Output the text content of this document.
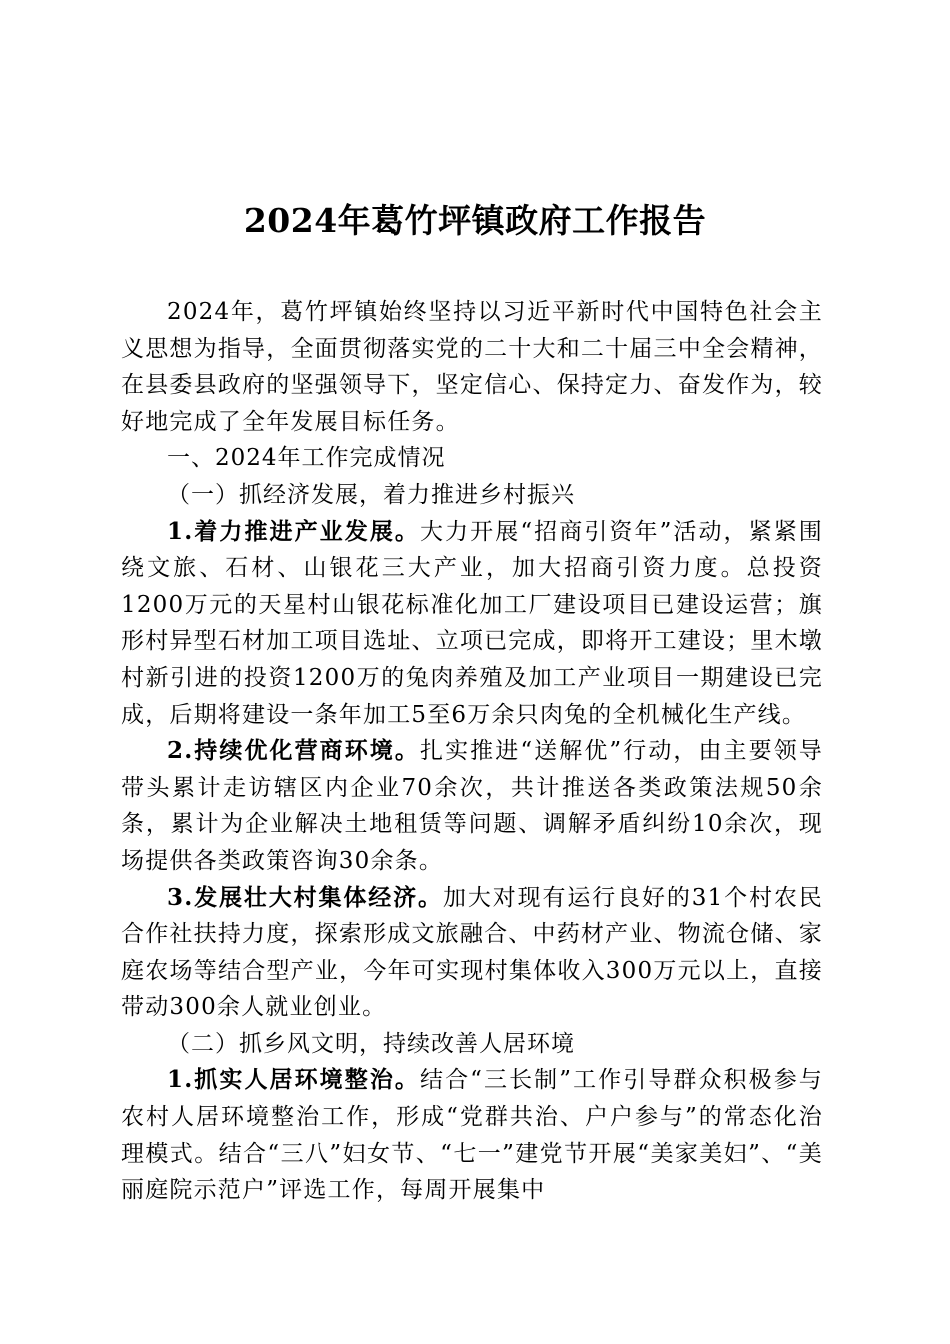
2024年葛竹坪镇政府工作报告

2024年，葛竹坪镇始终坚持以习近平新时代中国特色社会主义思想为指导，全面贯彻落实党的二十大和二十届三中全会精神，在县委县政府的坚强领导下，坚定信心、保持定力、奋发作为，较好地完成了全年发展目标任务。

一、2024年工作完成情况

（一）抓经济发展，着力推进乡村振兴

1.着力推进产业发展。大力开展“招商引资年”活动，紧紧围绕文旅、石材、山银花三大产业，加大招商引资力度。总投资1200万元的天星村山银花标准化加工厂建设项目已建设运营；旗形村异型石材加工项目选址、立项已完成，即将开工建设；里木墩村新引进的投资1200万的兔肉养殖及加工产业项目一期建设已完成，后期将建设一条年加工5至6万余只肉兔的全机械化生产线。

2.持续优化营商环境。扎实推进“送解优”行动，由主要领导带头累计走访辖区内企业70余次，共计推送各类政策法规50余条，累计为企业解决土地租赁等问题、调解矛盾纠纷10余次，现场提供各类政策咨询30余条。

3.发展壮大村集体经济。加大对现有运行良好的31个村农民合作社扶持力度，探索形成文旅融合、中药材产业、物流仓储、家庭农场等结合型产业，今年可实现村集体收入300万元以上，直接带动300余人就业创业。

（二）抓乡风文明，持续改善人居环境

1.抓实人居环境整治。结合“三长制”工作引导群众积极参与农村人居环境整治工作，形成“党群共治、户户参与”的常态化治理模式。结合“三八”妇女节、“七一”建党节开展“美家美妇”、“美丽庭院示范户”评选工作，每周开展集中
